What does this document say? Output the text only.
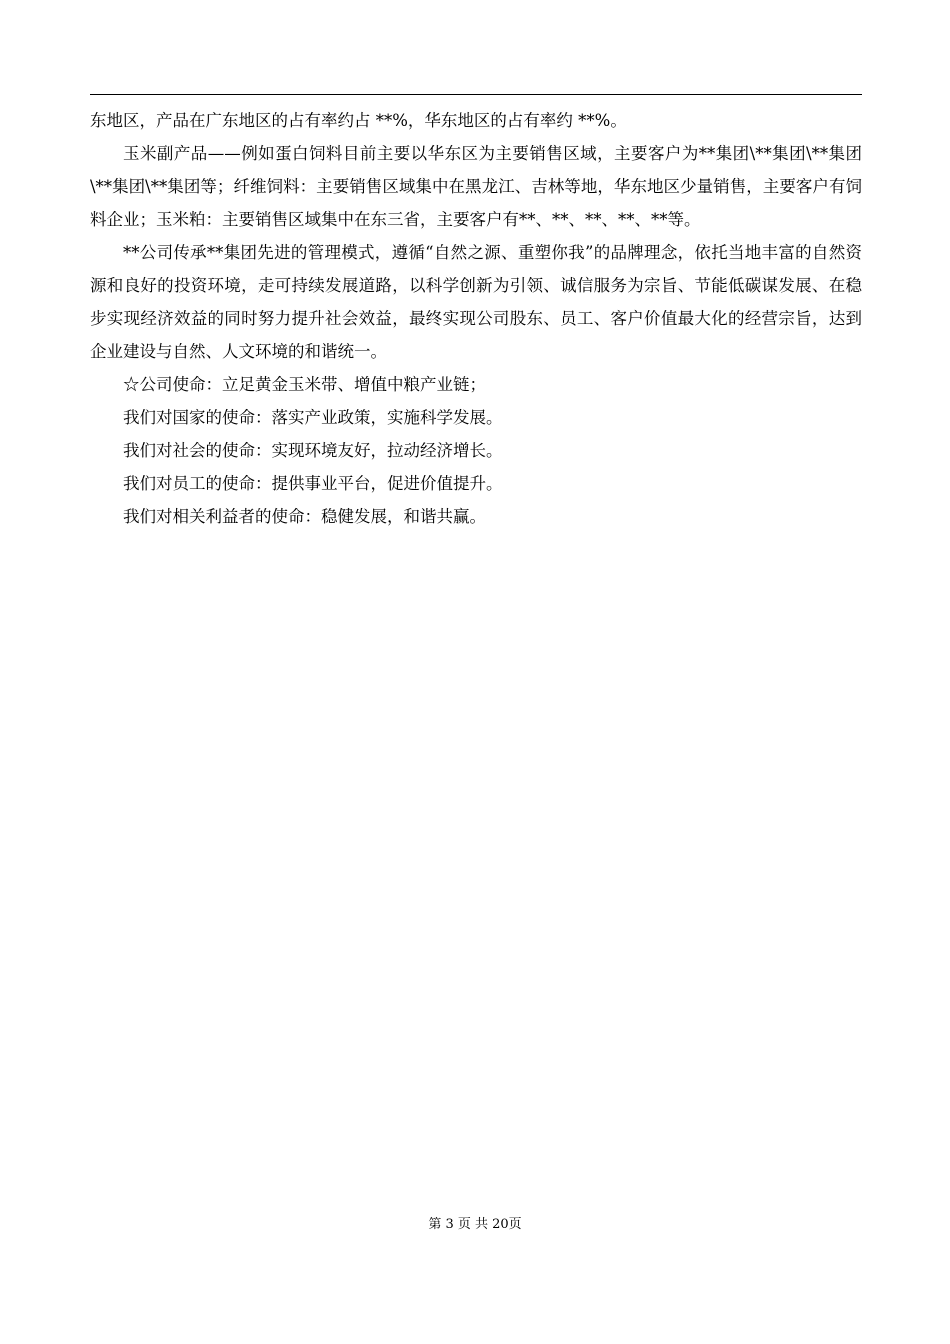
东地区，产品在广东地区的占有率约占 **%，华东地区的占有率约 **%。

玉米副产品——例如蛋白饲料目前主要以华东区为主要销售区域，主要客户为**集团\**集团\**集团\**集团\**集团等；纤维饲料：主要销售区域集中在黑龙江、吉林等地，华东地区少量销售，主要客户有饲料企业；玉米粕：主要销售区域集中在东三省，主要客户有**、**、**、**、**等。

**公司传承**集团先进的管理模式，遵循“自然之源、重塑你我”的品牌理念，依托当地丰富的自然资源和良好的投资环境，走可持续发展道路，以科学创新为引领、诚信服务为宗旨、节能低碳谋发展、在稳步实现经济效益的同时努力提升社会效益，最终实现公司股东、员工、客户价值最大化的经营宗旨，达到企业建设与自然、人文环境的和谐统一。

☆公司使命：立足黄金玉米带、增值中粮产业链；

我们对国家的使命：落实产业政策，实施科学发展。

我们对社会的使命：实现环境友好，拉动经济增长。

我们对员工的使命：提供事业平台，促进价值提升。

我们对相关利益者的使命：稳健发展，和谐共赢。

第 3 页 共 20页
